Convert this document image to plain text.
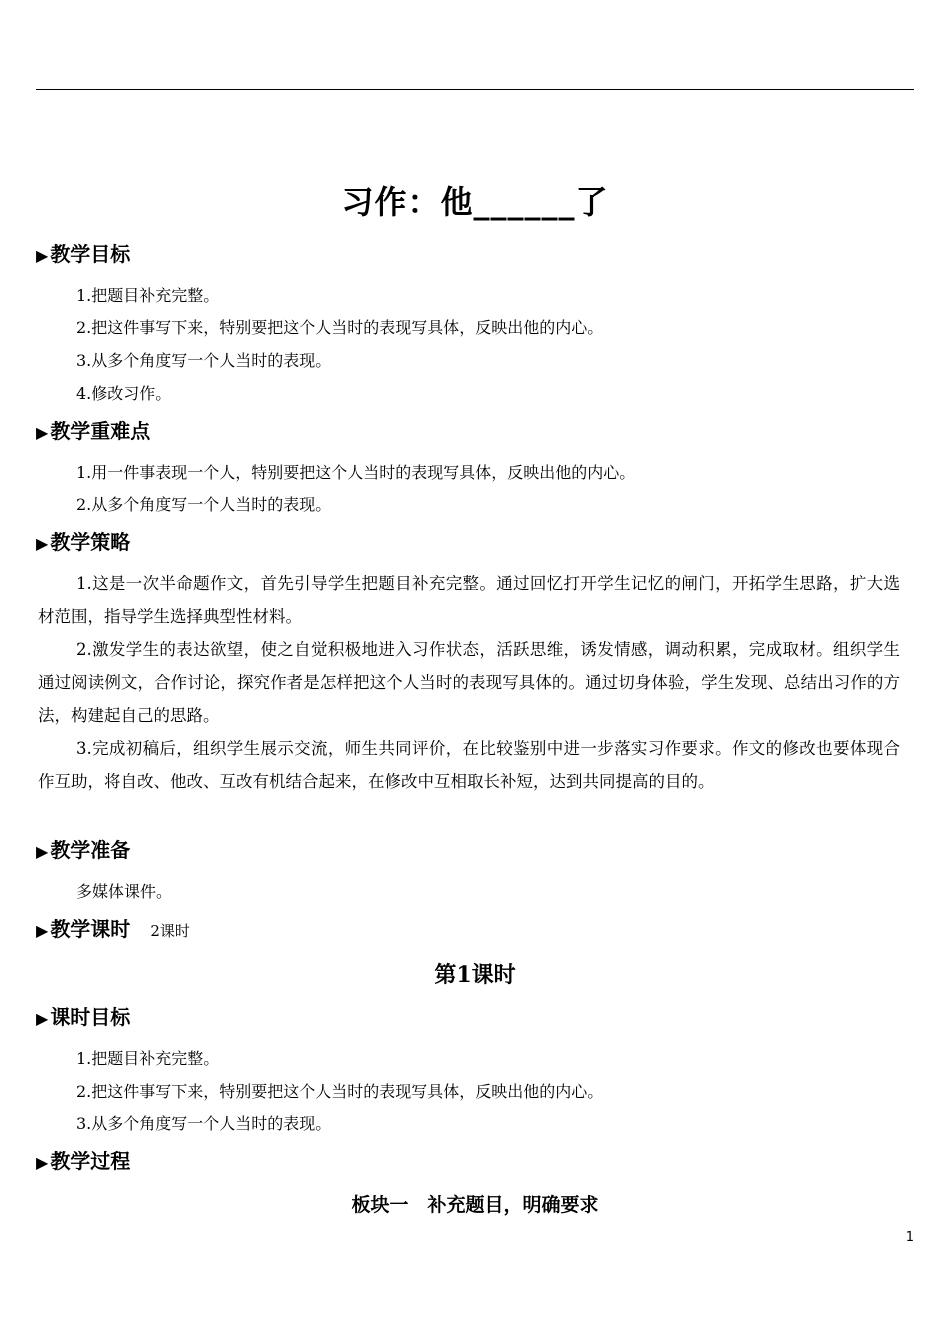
习作：他______了
▶ 教学目标
1.把题目补充完整。
2.把这件事写下来，特别要把这个人当时的表现写具体，反映出他的内心。
3.从多个角度写一个人当时的表现。
4.修改习作。
▶ 教学重难点
1.用一件事表现一个人，特别要把这个人当时的表现写具体，反映出他的内心。
2.从多个角度写一个人当时的表现。
▶ 教学策略
1.这是一次半命题作文，首先引导学生把题目补充完整。通过回忆打开学生记忆的闸门，开拓学生思路，扩大选材范围，指导学生选择典型性材料。
2.激发学生的表达欲望，使之自觉积极地进入习作状态，活跃思维，诱发情感，调动积累，完成取材。组织学生通过阅读例文，合作讨论，探究作者是怎样把这个人当时的表现写具体的。通过切身体验，学生发现、总结出习作的方法，构建起自己的思路。
3.完成初稿后，组织学生展示交流，师生共同评价，在比较鉴别中进一步落实习作要求。作文的修改也要体现合作互助，将自改、他改、互改有机结合起来，在修改中互相取长补短，达到共同提高的目的。
▶ 教学准备
多媒体课件。
▶ 教学课时 2课时
第1课时
▶ 课时目标
1.把题目补充完整。
2.把这件事写下来，特别要把这个人当时的表现写具体，反映出他的内心。
3.从多个角度写一个人当时的表现。
▶ 教学过程
板块一　补充题目，明确要求
1
